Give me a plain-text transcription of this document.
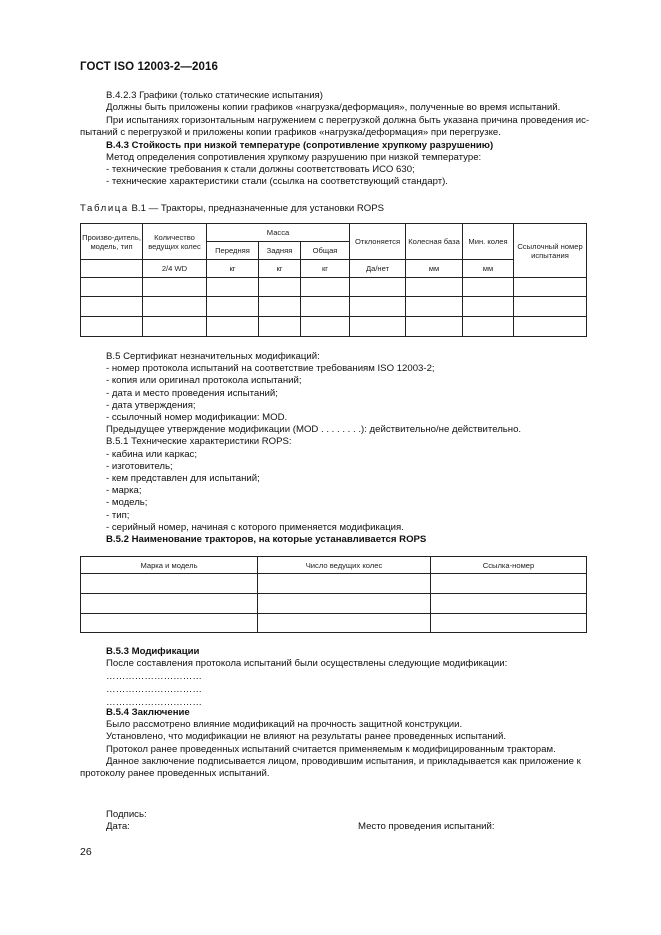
ГОСТ ISO 12003-2—2016
В.4.2.3 Графики (только статические испытания)
Должны быть приложены копии графиков «нагрузка/деформация», полученные во время испытаний.
При испытаниях горизонтальным нагружением с перегрузкой должна быть указана причина проведения ис-
пытаний с перегрузкой и приложены копии графиков «нагрузка/деформация» при перегрузке.
В.4.3 Стойкость при низкой температуре (сопротивление хрупкому разрушению)
Метод определения сопротивления хрупкому разрушению при низкой температуре:
- технические требования к стали должны соответствовать ИСО 630;
- технические характеристики стали (ссылка на соответствующий стандарт).
Таблица В.1 — Тракторы, предназначенные для установки ROPS
Произво-дитель, модель, тип	Количество ведущих колес	Масса			Отклоняется	Колесная база	Мин. колея	Ссылочный номер испытания
		Передняя	Задняя	Общая				
	2/4 WD	кг	кг	кг	Да/нет	мм	мм	

В.5 Сертификат незначительных модификаций:
- номер протокола испытаний на соответствие требованиям ISO 12003-2;
- копия или оригинал протокола испытаний;
- дата и место проведения испытаний;
- дата утверждения;
- ссылочный номер модификации: MOD.
Предыдущее утверждение модификации (MOD . . . . . . . .): действительно/не действительно.
В.5.1 Технические характеристики ROPS:
- кабина или каркас;
- изготовитель;
- кем представлен для испытаний;
- марка;
- модель;
- тип;
- серийный номер, начиная с которого применяется модификация.
В.5.2 Наименование тракторов, на которые устанавливается ROPS
Марка и модель	Число ведущих колес	Ссылка-номер

В.5.3 Модификации
После составления протокола испытаний были осуществлены следующие модификации:
…………………………
…………………………
…………………………
В.5.4 Заключение
Было рассмотрено влияние модификаций на прочность защитной конструкции.
Установлено, что модификации не влияют на результаты ранее проведенных испытаний.
Протокол ранее проведенных испытаний считается применяемым к модифицированным тракторам.
Данное заключение подписывается лицом, проводившим испытания, и прикладывается как приложение к
протоколу ранее проведенных испытаний.
Подпись:
Дата:	Место проведения испытаний:
26
